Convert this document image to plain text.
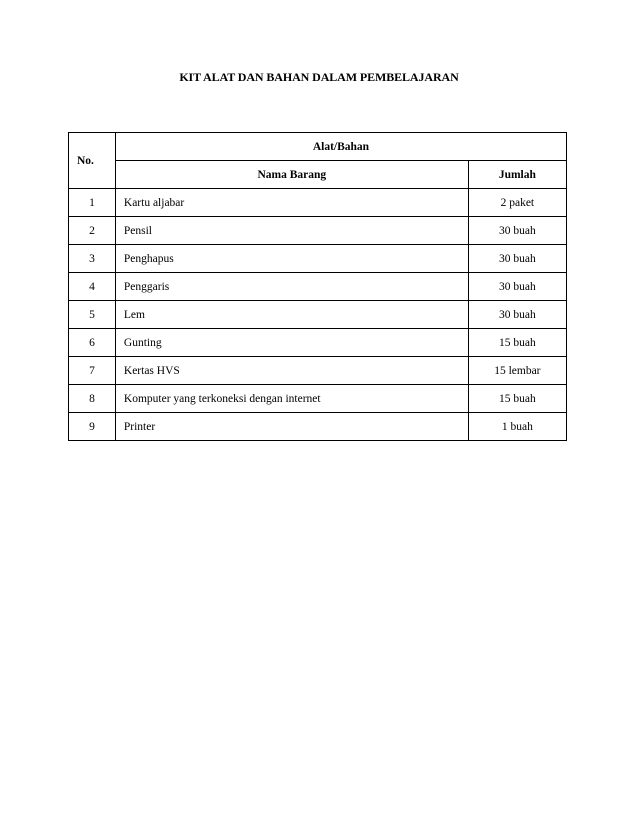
KIT ALAT DAN BAHAN DALAM PEMBELAJARAN
No.	Alat/Bahan	
	Nama Barang	Jumlah
1	Kartu aljabar	2 paket
2	Pensil	30 buah
3	Penghapus	30 buah
4	Penggaris	30 buah
5	Lem	30 buah
6	Gunting	15 buah
7	Kertas HVS	15 lembar
8	Komputer yang terkoneksi dengan internet	15 buah
9	Printer	1 buah
